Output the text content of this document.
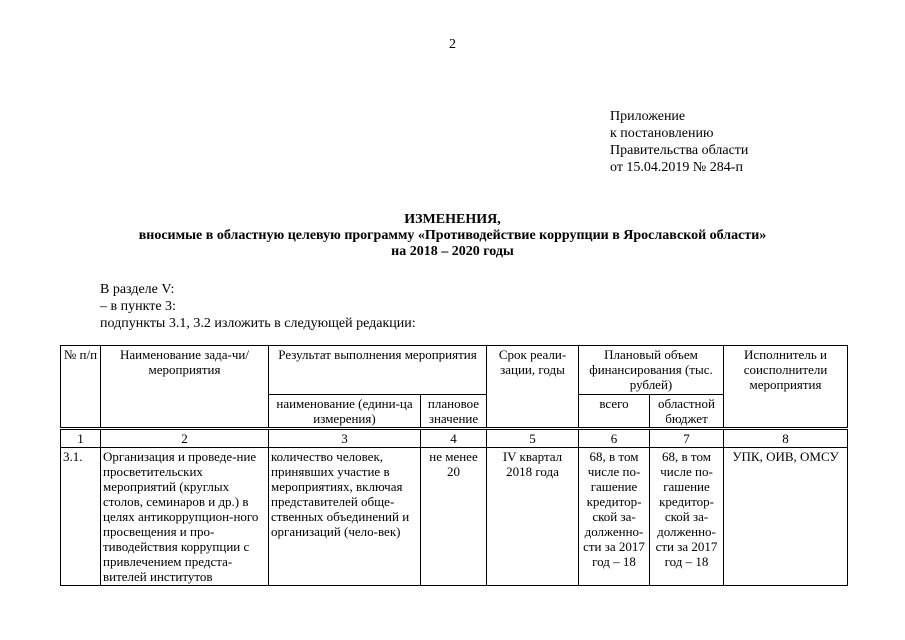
2
Приложение
к постановлению
Правительства области
от 15.04.2019 № 284-п
ИЗМЕНЕНИЯ,
вносимые в областную целевую программу «Противодействие коррупции в Ярославской области»
на 2018 – 2020 годы
В разделе V:
– в пункте 3:
подпункты 3.1, 3.2 изложить в следующей редакции:
№ п/п	Наименование зада-чи/мероприятия	Результат выполнения мероприятия		Срок реали-зации, годы	Плановый объем финансирования (тыс. рублей)		Исполнитель и соисполнители мероприятия
		наименование (едини-ца измерения)	плановое значение		всего	областной бюджет	
1	2	3	4	5	6	7	8
3.1.	Организация и проведе-ние просветительских мероприятий (круглых столов, семинаров и др.) в целях антикоррупцион-ного просвещения и про-тиводействия коррупции с привлечением предста-вителей институтов	количество человек, принявших участие в мероприятиях, включая представителей обще-ственных объединений и организаций (чело-век)	не менее 20	IV квартал 2018 года	68, в том числе по-гашение кредитор-ской за-долженно-сти за 2017 год – 18	68, в том числе по-гашение кредитор-ской за-долженно-сти за 2017 год – 18	УПК, ОИВ, ОМСУ
